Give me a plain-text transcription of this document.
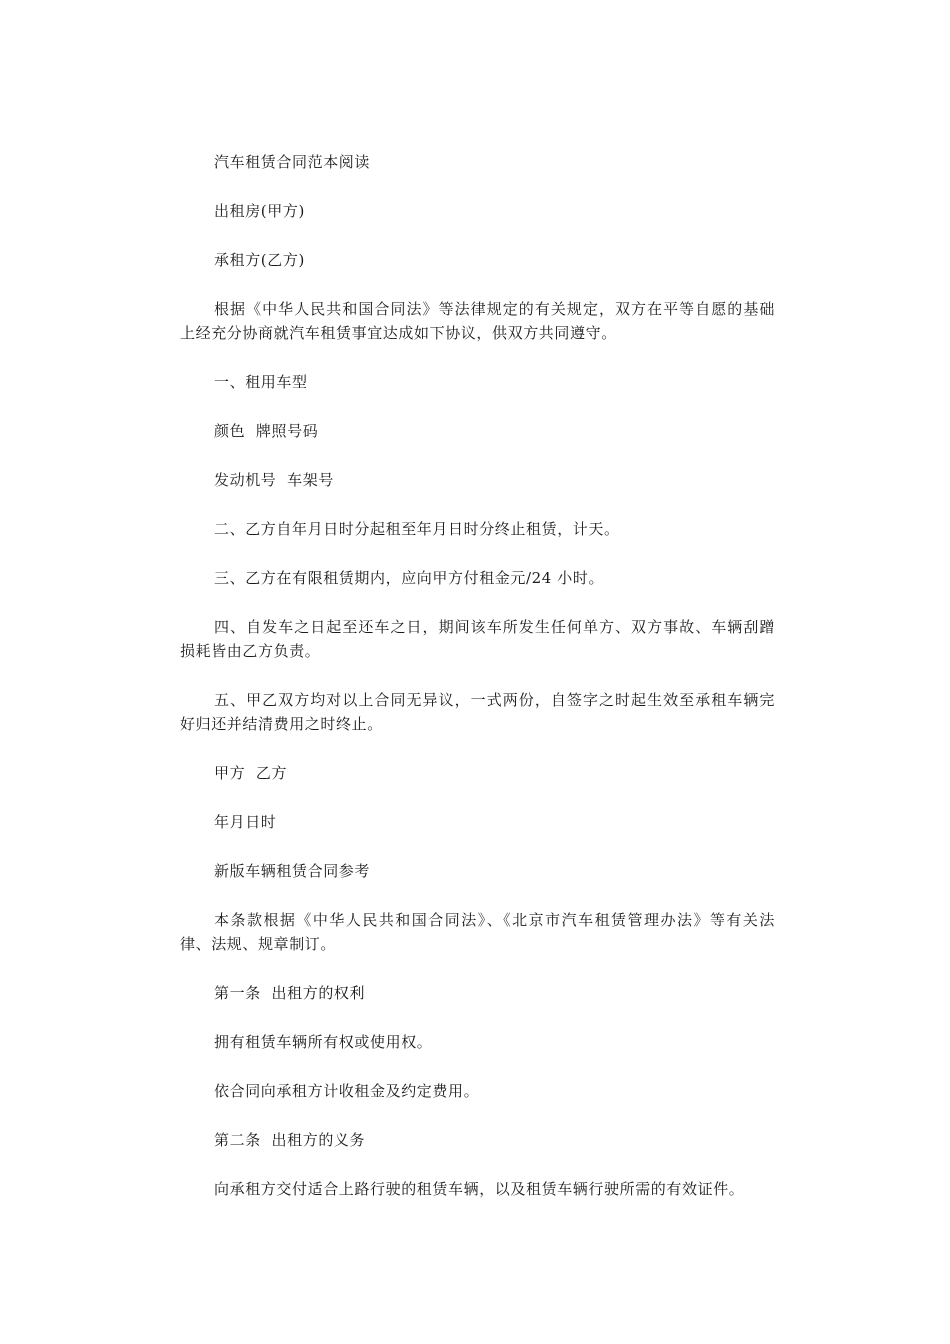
汽车租赁合同范本阅读

出租房(甲方)

承租方(乙方)

根据《中华人民共和国合同法》等法律规定的有关规定，双方在平等自愿的基础上经充分协商就汽车租赁事宜达成如下协议，供双方共同遵守。

一、租用车型

颜色  牌照号码

发动机号  车架号

二、乙方自年月日时分起租至年月日时分终止租赁，计天。

三、乙方在有限租赁期内，应向甲方付租金元/24 小时。

四、自发车之日起至还车之日，期间该车所发生任何单方、双方事故、车辆刮蹭损耗皆由乙方负责。

五、甲乙双方均对以上合同无异议，一式两份，自签字之时起生效至承租车辆完好归还并结清费用之时终止。

甲方  乙方

年月日时

新版车辆租赁合同参考

本条款根据《中华人民共和国合同法》、《北京市汽车租赁管理办法》等有关法律、法规、规章制订。

第一条  出租方的权利

拥有租赁车辆所有权或使用权。

依合同向承租方计收租金及约定费用。

第二条  出租方的义务

向承租方交付适合上路行驶的租赁车辆，以及租赁车辆行驶所需的有效证件。
